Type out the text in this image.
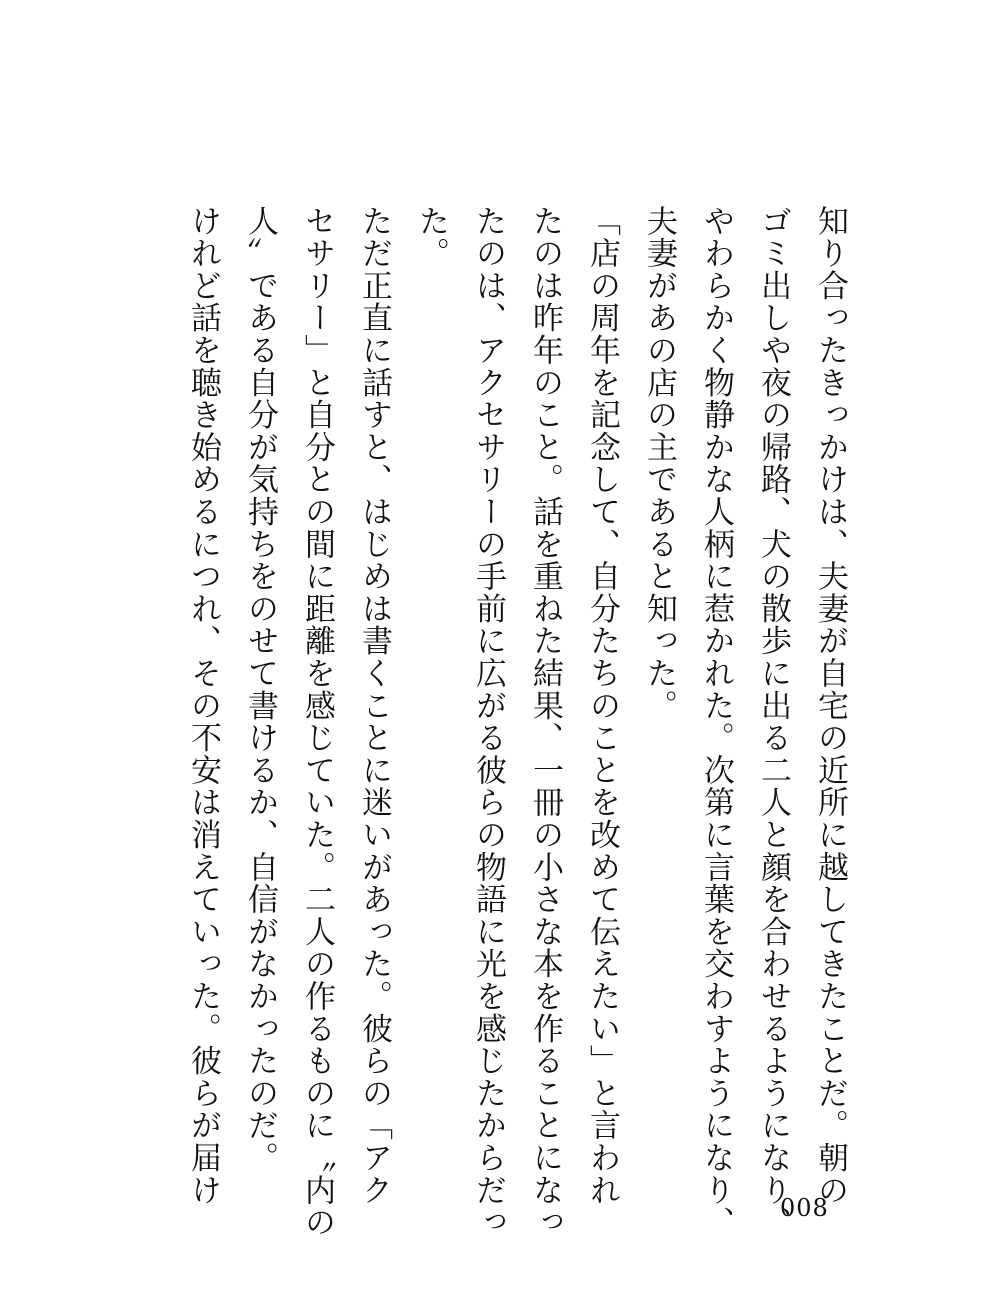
知り合ったきっかけは、夫妻が自宅の近所に越してきたことだ。朝の
ゴミ出しや夜の帰路、犬の散歩に出る二人と顔を合わせるようになり、
やわらかく物静かな人柄に惹かれた。次第に言葉を交わすようになり、
夫妻があの店の主であると知った。

「店の周年を記念して、自分たちのことを改めて伝えたい」と言われ
たのは昨年のこと。話を重ねた結果、一冊の小さな本を作ることになっ
たのは、アクセサリーの手前に広がる彼らの物語に光を感じたからだっ
た。

ただ正直に話すと、はじめは書くことに迷いがあった。彼らの「アク
セサリー」と自分との間に距離を感じていた。二人の作るものに〝内の
人〟である自分が気持ちをのせて書けるか、自信がなかったのだ。
けれど話を聴き始めるにつれ、その不安は消えていった。彼らが届け

008
